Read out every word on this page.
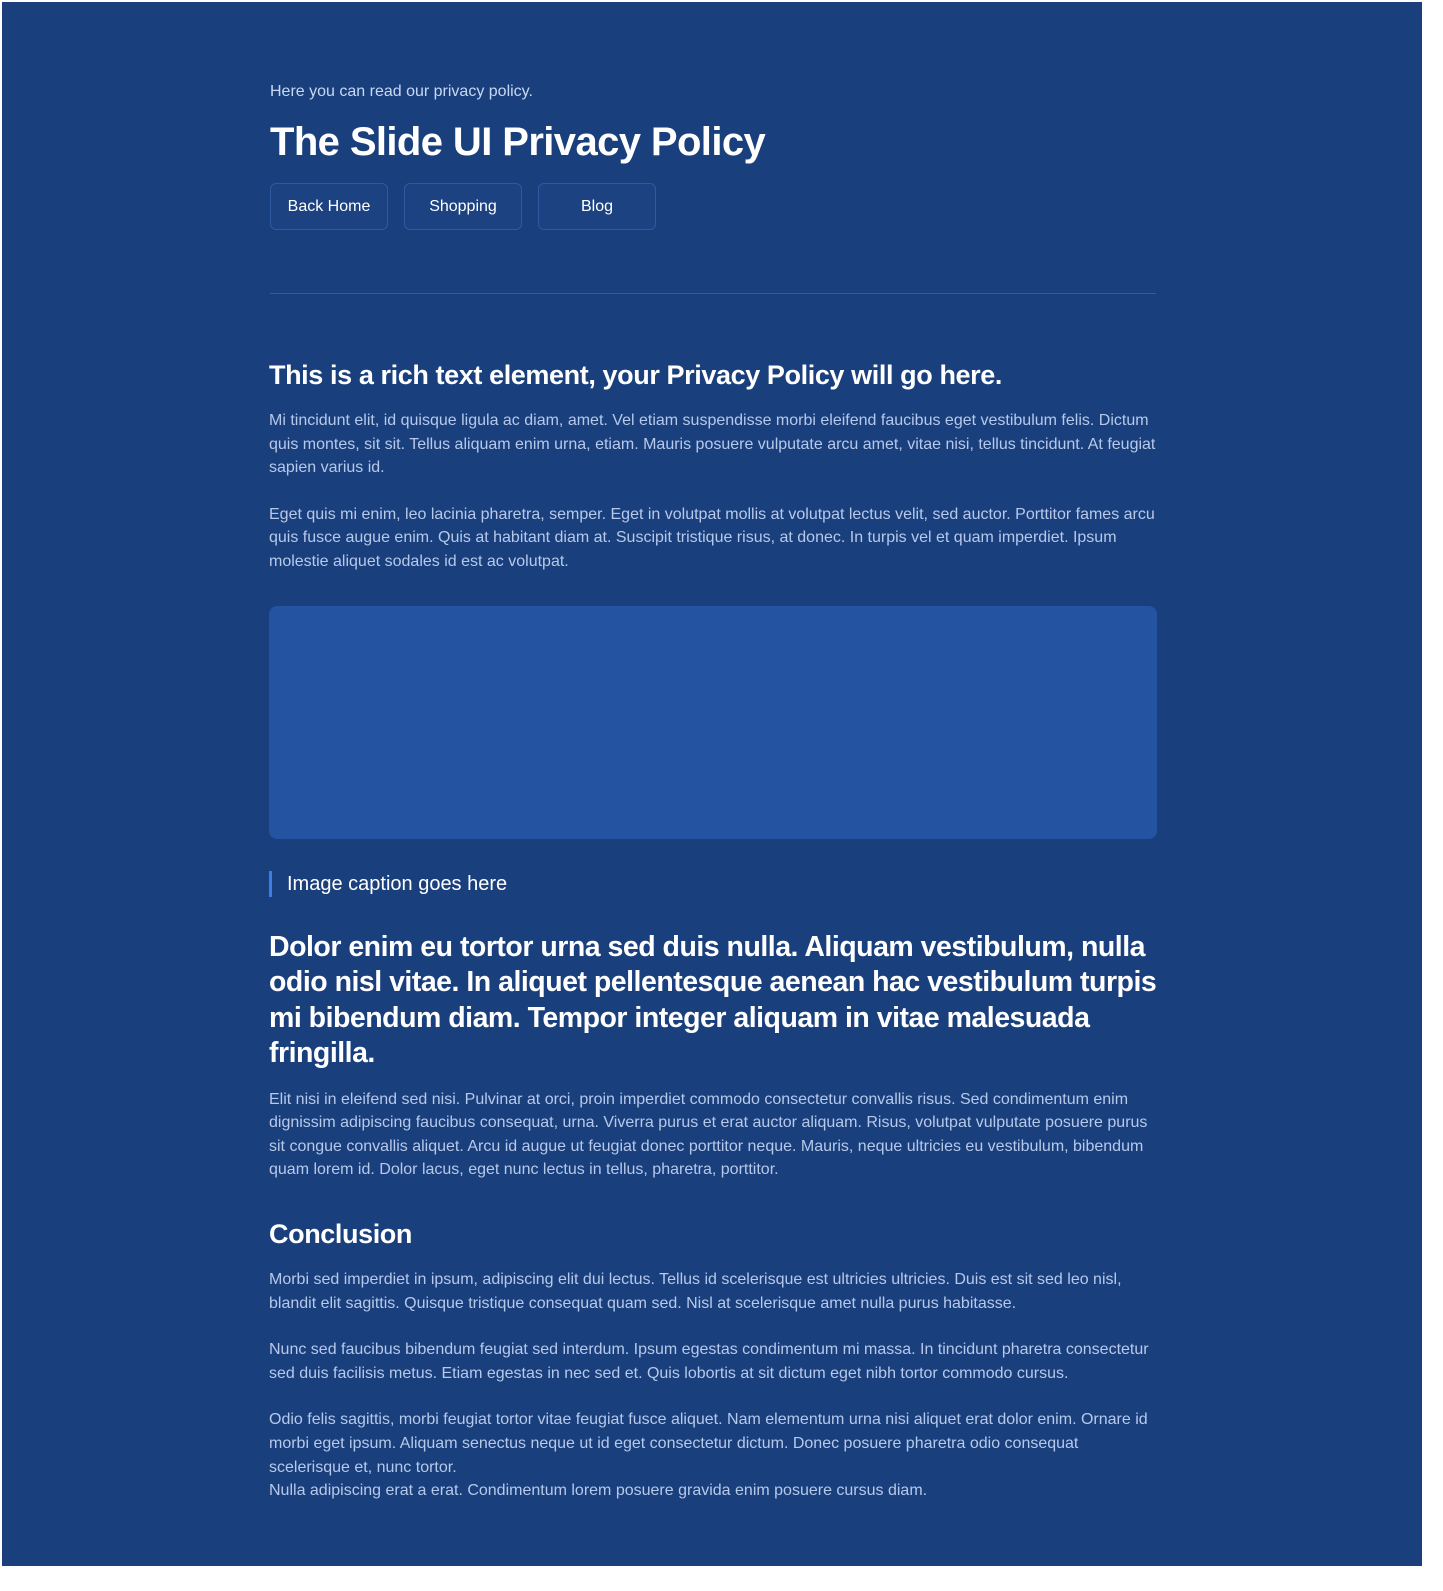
Here you can read our privacy policy.
The Slide UI Privacy Policy
Back Home	Shopping	Blog
This is a rich text element, your Privacy Policy will go here.

Mi tincidunt elit, id quisque ligula ac diam, amet. Vel etiam suspendisse morbi eleifend faucibus eget vestibulum felis. Dictum quis montes, sit sit. Tellus aliquam enim urna, etiam. Mauris posuere vulputate arcu amet, vitae nisi, tellus tincidunt. At feugiat sapien varius id.

Eget quis mi enim, leo lacinia pharetra, semper. Eget in volutpat mollis at volutpat lectus velit, sed auctor. Porttitor fames arcu quis fusce augue enim. Quis at habitant diam at. Suscipit tristique risus, at donec. In turpis vel et quam imperdiet. Ipsum molestie aliquet sodales id est ac volutpat.

Image caption goes here
Dolor enim eu tortor urna sed duis nulla. Aliquam vestibulum, nulla odio nisl vitae. In aliquet pellentesque aenean hac vestibulum turpis mi bibendum diam. Tempor integer aliquam in vitae malesuada fringilla.

Elit nisi in eleifend sed nisi. Pulvinar at orci, proin imperdiet commodo consectetur convallis risus. Sed condimentum enim dignissim adipiscing faucibus consequat, urna. Viverra purus et erat auctor aliquam. Risus, volutpat vulputate posuere purus sit congue convallis aliquet. Arcu id augue ut feugiat donec porttitor neque. Mauris, neque ultricies eu vestibulum, bibendum quam lorem id. Dolor lacus, eget nunc lectus in tellus, pharetra, porttitor.

Conclusion

Morbi sed imperdiet in ipsum, adipiscing elit dui lectus. Tellus id scelerisque est ultricies ultricies. Duis est sit sed leo nisl, blandit elit sagittis. Quisque tristique consequat quam sed. Nisl at scelerisque amet nulla purus habitasse.

Nunc sed faucibus bibendum feugiat sed interdum. Ipsum egestas condimentum mi massa. In tincidunt pharetra consectetur sed duis facilisis metus. Etiam egestas in nec sed et. Quis lobortis at sit dictum eget nibh tortor commodo cursus.

Odio felis sagittis, morbi feugiat tortor vitae feugiat fusce aliquet. Nam elementum urna nisi aliquet erat dolor enim. Ornare id morbi eget ipsum. Aliquam senectus neque ut id eget consectetur dictum. Donec posuere pharetra odio consequat scelerisque et, nunc tortor.

Nulla adipiscing erat a erat. Condimentum lorem posuere gravida enim posuere cursus diam.
